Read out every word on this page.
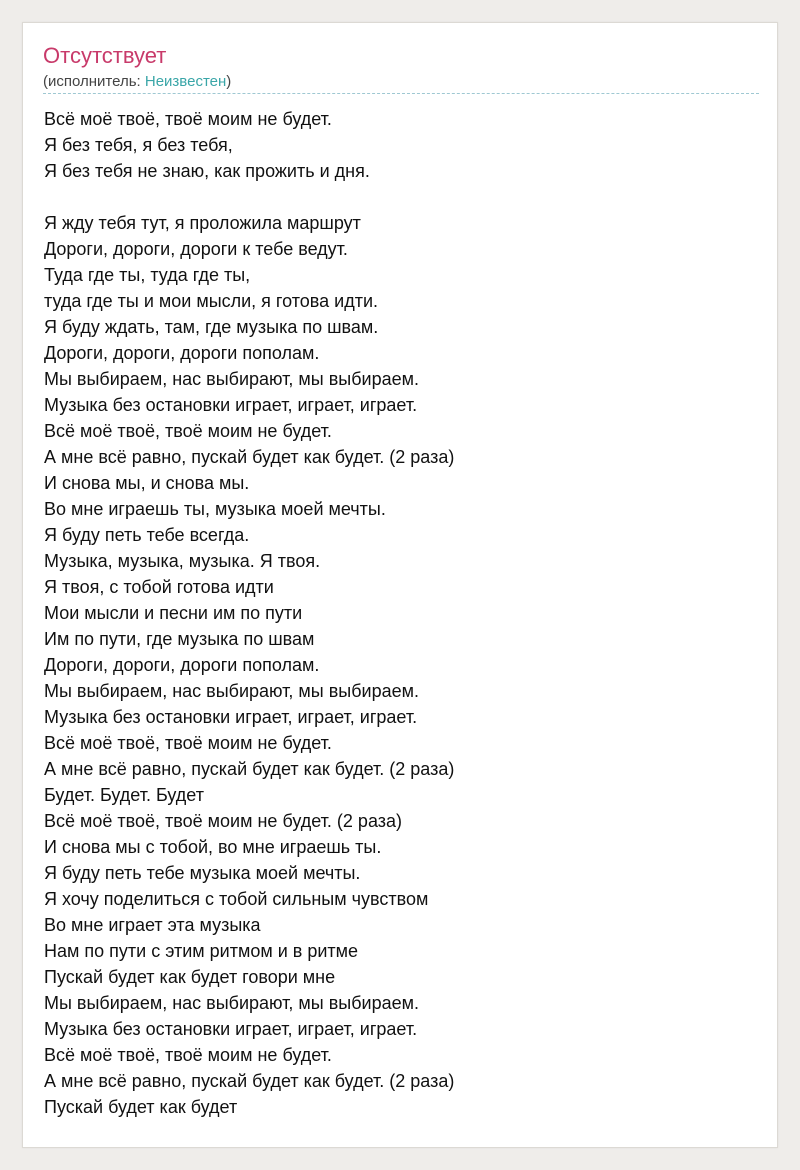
Отсутствует
(исполнитель: Неизвестен)
Всё моё твоё, твоё моим не будет.
Я без тебя, я без тебя,
Я без тебя не знаю, как прожить и дня.
Я жду тебя тут, я проложила маршрут
Дороги, дороги, дороги к тебе ведут.
Туда где ты, туда где ты,
туда где ты и мои мысли, я готова идти.
Я буду ждать, там, где музыка по швам.
Дороги, дороги, дороги пополам.
Мы выбираем, нас выбирают, мы выбираем.
Музыка без остановки играет, играет, играет.
Всё моё твоё, твоё моим не будет.
А мне всё равно, пускай будет как будет. (2 раза)
И снова мы, и снова мы.
Во мне играешь ты, музыка моей мечты.
Я буду петь тебе всегда.
Музыка, музыка, музыка. Я твоя.
Я твоя, с тобой готова идти
Мои мысли и песни им по пути
Им по пути, где музыка по швам
Дороги, дороги, дороги пополам.
Мы выбираем, нас выбирают, мы выбираем.
Музыка без остановки играет, играет, играет.
Всё моё твоё, твоё моим не будет.
А мне всё равно, пускай будет как будет. (2 раза)
Будет. Будет. Будет
Всё моё твоё, твоё моим не будет. (2 раза)
И снова мы с тобой, во мне играешь ты.
Я буду петь тебе музыка моей мечты.
Я хочу поделиться с тобой сильным чувством
Во мне играет эта музыка
Нам по пути с этим ритмом и в ритме
Пускай будет как будет говори мне
Мы выбираем, нас выбирают, мы выбираем.
Музыка без остановки играет, играет, играет.
Всё моё твоё, твоё моим не будет.
А мне всё равно, пускай будет как будет. (2 раза)
Пускай будет как будет
